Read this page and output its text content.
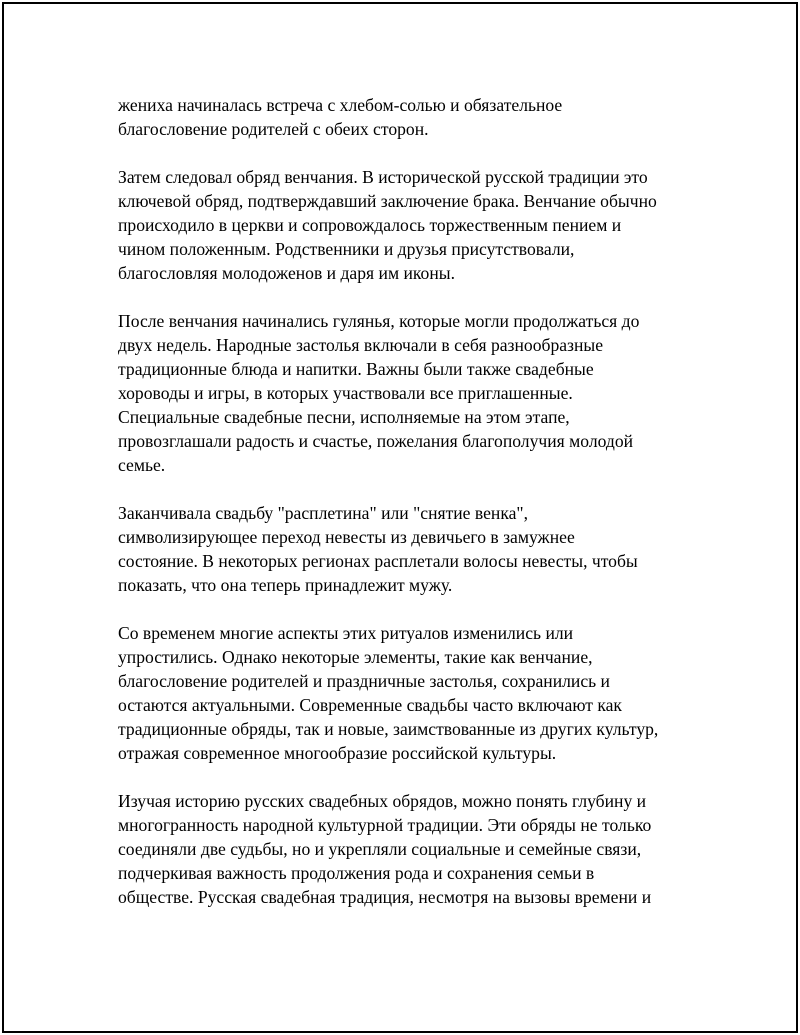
жениха начиналась встреча с хлебом-солью и обязательное
благословение родителей с обеих сторон.

Затем следовал обряд венчания. В исторической русской традиции это
ключевой обряд, подтверждавший заключение брака. Венчание обычно
происходило в церкви и сопровождалось торжественным пением и
чином положенным. Родственники и друзья присутствовали,
благословляя молодоженов и даря им иконы.

После венчания начинались гулянья, которые могли продолжаться до
двух недель. Народные застолья включали в себя разнообразные
традиционные блюда и напитки. Важны были также свадебные
хороводы и игры, в которых участвовали все приглашенные.
Специальные свадебные песни, исполняемые на этом этапе,
провозглашали радость и счастье, пожелания благополучия молодой
семье.

Заканчивала свадьбу "расплетина" или "снятие венка",
символизирующее переход невесты из девичьего в замужнее
состояние. В некоторых регионах расплетали волосы невесты, чтобы
показать, что она теперь принадлежит мужу.

Со временем многие аспекты этих ритуалов изменились или
упростились. Однако некоторые элементы, такие как венчание,
благословение родителей и праздничные застолья, сохранились и
остаются актуальными. Современные свадьбы часто включают как
традиционные обряды, так и новые, заимствованные из других культур,
отражая современное многообразие российской культуры.

Изучая историю русских свадебных обрядов, можно понять глубину и
многогранность народной культурной традиции. Эти обряды не только
соединяли две судьбы, но и укрепляли социальные и семейные связи,
подчеркивая важность продолжения рода и сохранения семьи в
обществе. Русская свадебная традиция, несмотря на вызовы времени и
